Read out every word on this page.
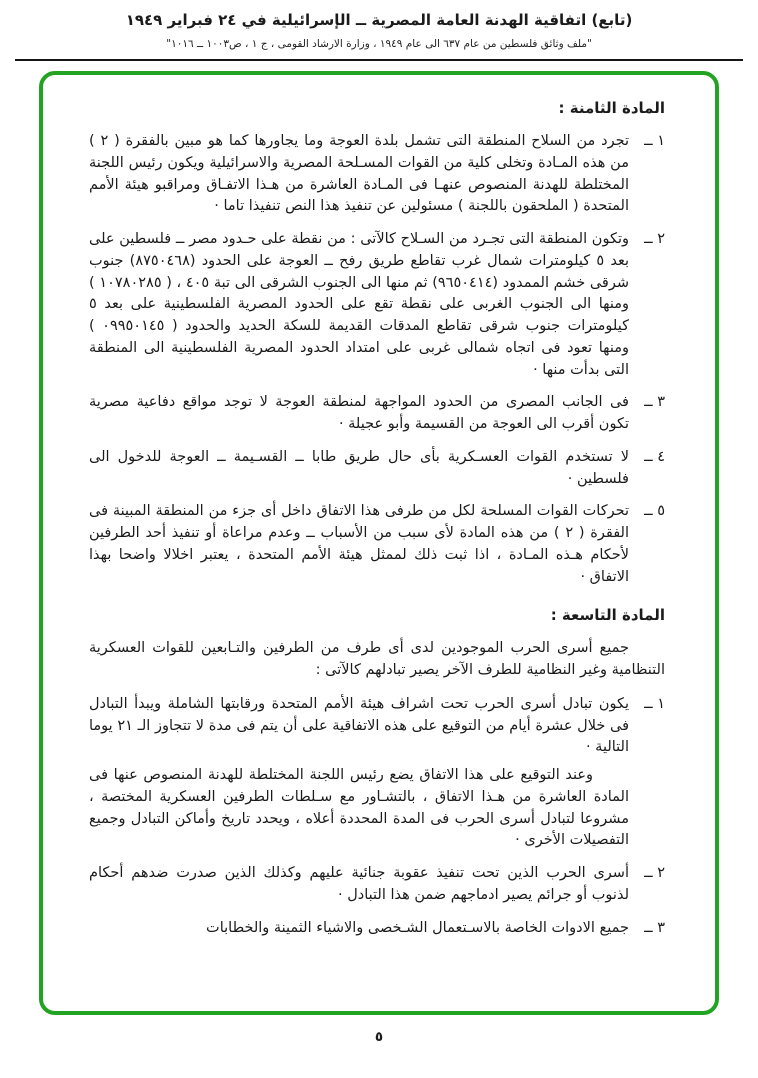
(تابع) اتفاقية الهدنة العامة المصرية ــ الإسرائيلية في ٢٤ فبراير ١٩٤٩
"ملف وثائق فلسطين من عام ٦٣٧ الى عام ١٩٤٩ ، وزارة الارشاد القومى ، ج ١ ، ص١٠٠٣ ــ ١٠١٦"
المادة الثامنة :
١ ــ

تجرد من السلاح المنطقة التى تشمل بلدة العوجة وما يجاورها كما هو مبين بالفقرة ( ٢ ) من هذه المـادة وتخلى كلية من القوات المسـلحة المصرية والاسرائيلية ويكون رئيس اللجنة المختلطة للهدنة المنصوص عنهـا فى المـادة العاشرة من هـذا الاتفـاق ومراقبو هيئة الأمم المتحدة ( الملحقون باللجنة ) مسئولين عن تنفيذ هذا النص تنفيذا تاما ·

٢ ــ

وتكون المنطقة التى تجـرد من السـلاح كالآتى : من نقطة على حـدود مصر ــ فلسطين على بعد ٥ كيلومترات شمال غرب تقاطع طريق رفح ــ العوجة على الحدود (٨٧٥٠٤٦٨) جنوب شرقى خشم الممدود (٩٦٥٠٤١٤) ثم منها الى الجنوب الشرقى الى تبة ٤٠٥ ، ( ١٠٧٨٠٢٨٥ ) ومنها الى الجنوب الغربى على نقطة تقع على الحدود المصرية الفلسطينية على بعد ٥ كيلومترات جنوب شرقى تقاطع المدقات القديمة للسكة الحديد والحدود ( ٠٩٩٥٠١٤٥ ) ومنها تعود فى اتجاه شمالى غربى على امتداد الحدود المصرية الفلسطينية الى المنطقة التى بدأت منها ·

٣ ــ

فى الجانب المصرى من الحدود المواجهة لمنطقة العوجة لا توجد مواقع دفاعية مصرية تكون أقرب الى العوجة من القسيمة وأبو عجيلة ·

٤ ــ

لا تستخدم القوات العسـكرية بأى حال طريق طابا ــ القسـيمة ــ العوجة للدخول الى فلسطين ·

٥ ــ

تحركات القوات المسلحة لكل من طرفى هذا الاتفاق داخل أى جزء من المنطقة المبينة فى الفقرة ( ٢ ) من هذه المادة لأى سبب من الأسباب ــ وعدم مراعاة أو تنفيذ أحد الطرفين لأحكام هـذه المـادة ، اذا ثبت ذلك لممثل هيئة الأمم المتحدة ، يعتبر اخلالا واضحا بهذا الاتفاق ·

المادة التاسعة :

جميع أسرى الحرب الموجودين لدى أى طرف من الطرفين والتـابعين للقوات العسكرية التنظامية وغير النظامية للطرف الآخر يصير تبادلهم كالآتى :

١ ــ

يكون تبادل أسرى الحرب تحت اشراف هيئة الأمم المتحدة ورقابتها الشاملة ويبدأ التبادل فى خلال عشرة أيام من التوقيع على هذه الاتفاقية على أن يتم فى مدة لا تتجاوز الـ ٢١ يوما التالية ·

وعند التوقيع على هذا الاتفاق يضع رئيس اللجنة المختلطة للهدنة المنصوص عنها فى المادة العاشرة من هـذا الاتفاق ، بالتشـاور مع سـلطات الطرفين العسكرية المختصة ، مشروعا لتبادل أسرى الحرب فى المدة المحددة أعلاه ، ويحدد تاريخ وأماكن التبادل وجميع التفصيلات الأخرى ·

٢ ــ

أسرى الحرب الذين تحت تنفيذ عقوبة جنائية عليهم وكذلك الذين صدرت ضدهم أحكام لذنوب أو جرائم يصير ادماجهم ضمن هذا التبادل ·

٣ ــ

جميع الادوات الخاصة بالاسـتعمال الشـخصى والاشياء الثمينة والخطابات

٥
